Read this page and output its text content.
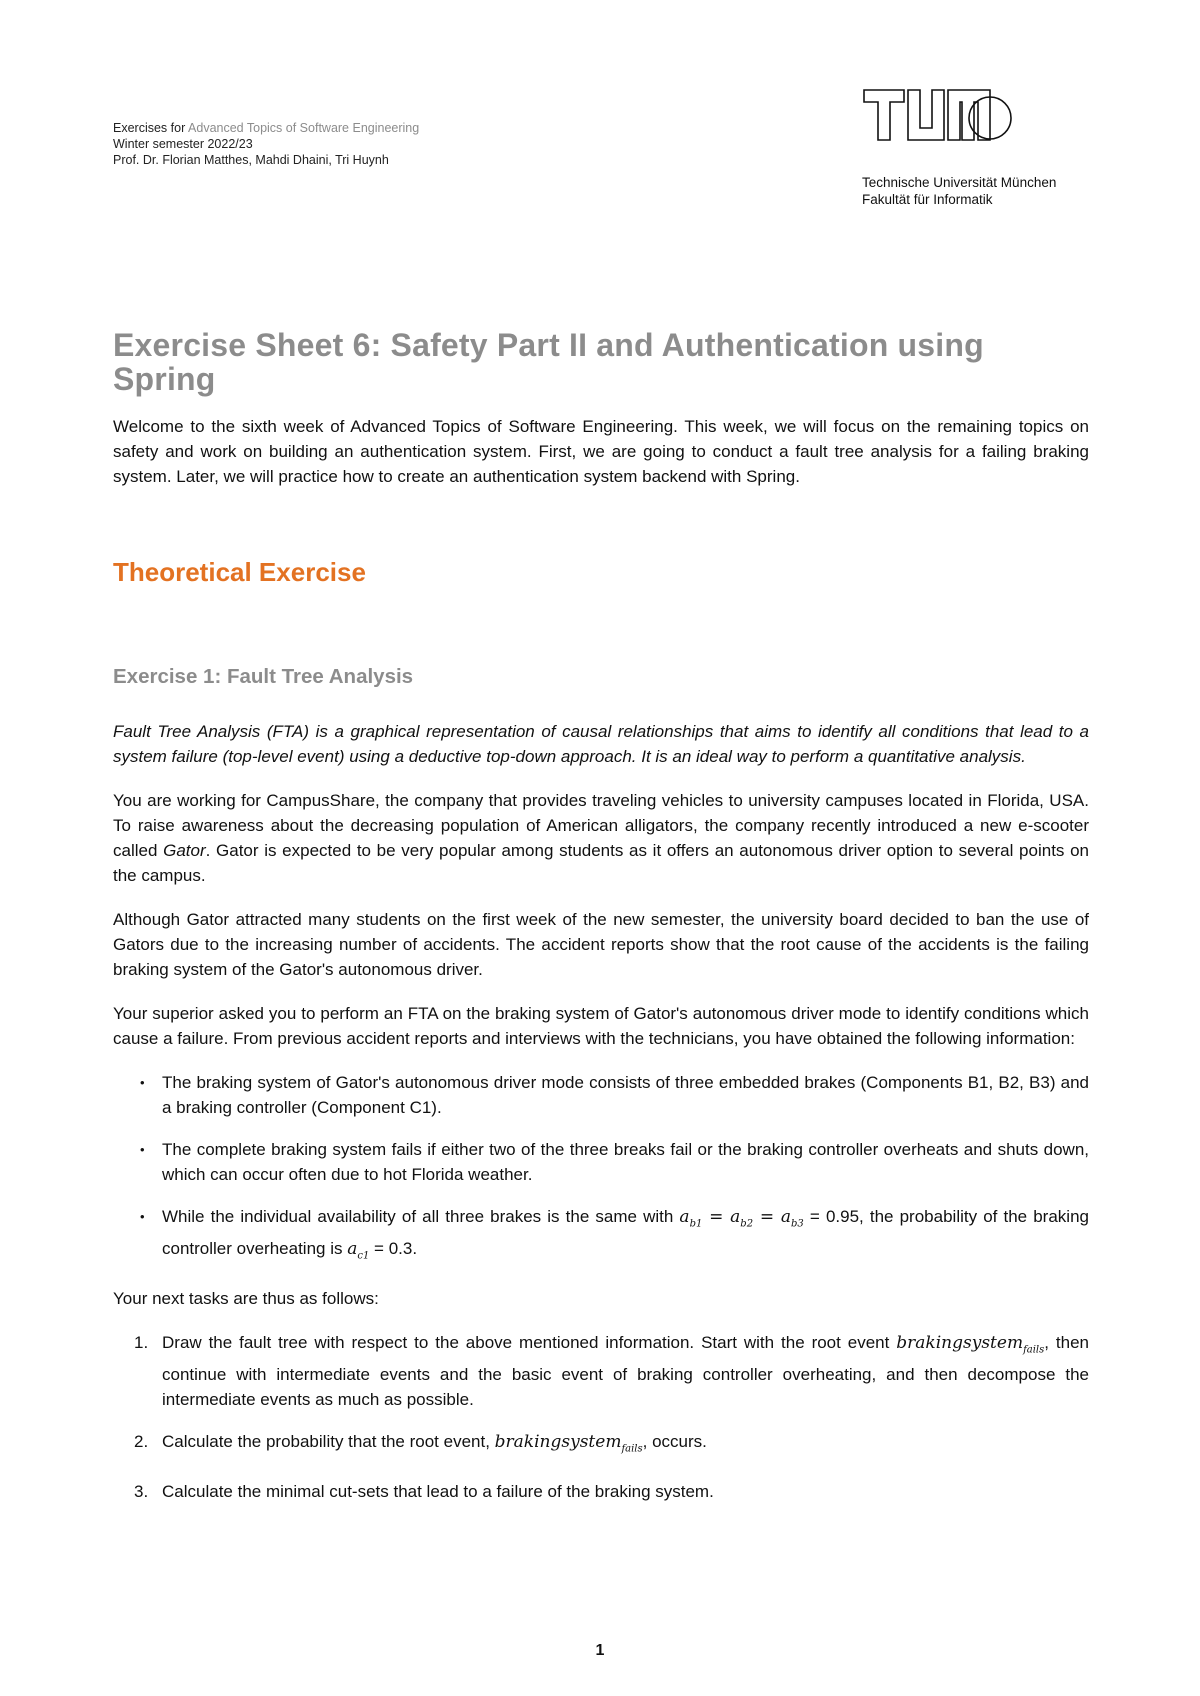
Exercises for Advanced Topics of Software Engineering
Winter semester 2022/23
Prof. Dr. Florian Matthes, Mahdi Dhaini, Tri Huynh
Technische Universität München
Fakultät für Informatik
Exercise Sheet 6: Safety Part II and Authentication using Spring

Welcome to the sixth week of Advanced Topics of Software Engineering. This week, we will focus on the remaining topics on safety and work on building an authentication system. First, we are going to conduct a fault tree analysis for a failing braking system. Later, we will practice how to create an authentication system backend with Spring.

Theoretical Exercise
Exercise 1: Fault Tree Analysis

Fault Tree Analysis (FTA) is a graphical representation of causal relationships that aims to identify all conditions that lead to a system failure (top-level event) using a deductive top-down approach. It is an ideal way to perform a quantitative analysis.

You are working for CampusShare, the company that provides traveling vehicles to university campuses located in Florida, USA. To raise awareness about the decreasing population of American alligators, the company recently introduced a new e-scooter called Gator. Gator is expected to be very popular among students as it offers an autonomous driver option to several points on the campus.

Although Gator attracted many students on the first week of the new semester, the university board decided to ban the use of Gators due to the increasing number of accidents. The accident reports show that the root cause of the accidents is the failing braking system of the Gator's autonomous driver.

Your superior asked you to perform an FTA on the braking system of Gator's autonomous driver mode to identify conditions which cause a failure. From previous accident reports and interviews with the technicians, you have obtained the following information:

• The braking system of Gator's autonomous driver mode consists of three embedded brakes (Components B1, B2, B3) and a braking controller (Component C1).
• The complete braking system fails if either two of the three breaks fail or the braking controller overheats and shuts down, which can occur often due to hot Florida weather.
• While the individual availability of all three brakes is the same with $a_{b1} = a_{b2} = a_{b3} = 0.95$, the probability of the braking controller overheating is $a_{c1} = 0.3$.

Your next tasks are thus as follows:

1. Draw the fault tree with respect to the above mentioned information. Start with the root event brakingsystem$_{fails}$, then continue with intermediate events and the basic event of braking controller overheating, and then decompose the intermediate events as much as possible.
2. Calculate the probability that the root event, brakingsystem$_{fails}$, occurs.
3. Calculate the minimal cut-sets that lead to a failure of the braking system.
1
